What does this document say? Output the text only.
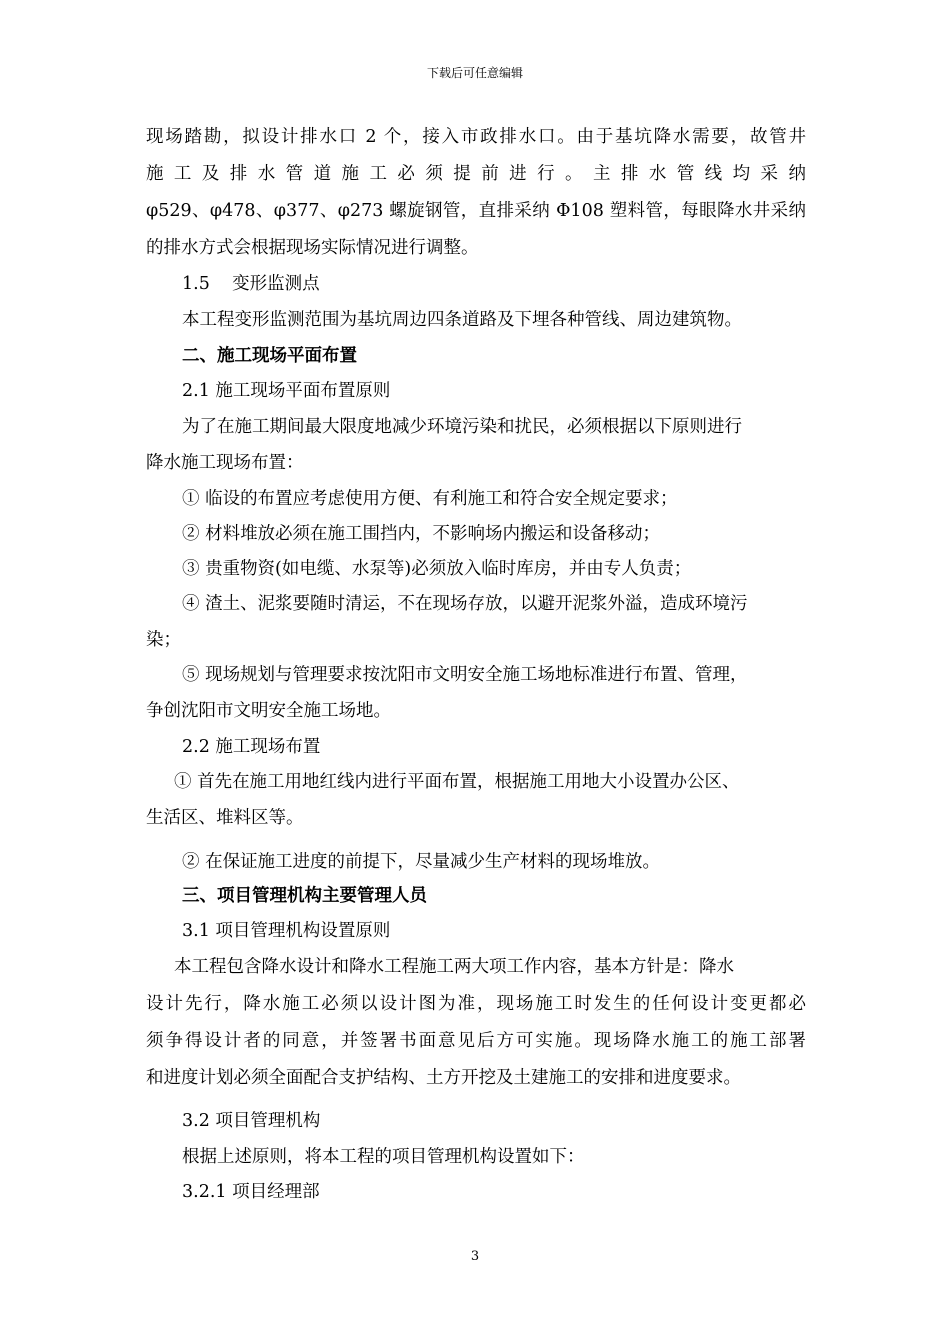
下载后可任意编辑
现场踏勘，拟设计排水口 2 个，接入市政排水口。由于基坑降水需要，故管井
施 工 及 排 水 管 道 施 工 必 须 提 前 进 行 。 主 排 水 管 线 均 采 纳
φ529、φ478、φ377、φ273 螺旋钢管，直排采纳 Φ108 塑料管，每眼降水井采纳
的排水方式会根据现场实际情况进行调整。
1.5    变形监测点
本工程变形监测范围为基坑周边四条道路及下埋各种管线、周边建筑物。
二、施工现场平面布置
2.1 施工现场平面布置原则
为了在施工期间最大限度地减少环境污染和扰民，必须根据以下原则进行
降水施工现场布置：
① 临设的布置应考虑使用方便、有利施工和符合安全规定要求；
② 材料堆放必须在施工围挡内，不影响场内搬运和设备移动；
③ 贵重物资(如电缆、水泵等)必须放入临时库房，并由专人负责；
④ 渣土、泥浆要随时清运，不在现场存放，以避开泥浆外溢，造成环境污
染；
⑤ 现场规划与管理要求按沈阳市文明安全施工场地标准进行布置、管理，
争创沈阳市文明安全施工场地。
2.2 施工现场布置
① 首先在施工用地红线内进行平面布置，根据施工用地大小设置办公区、
生活区、堆料区等。
② 在保证施工进度的前提下，尽量减少生产材料的现场堆放。
三、项目管理机构主要管理人员
3.1 项目管理机构设置原则
本工程包含降水设计和降水工程施工两大项工作内容，基本方针是：降水
设计先行，降水施工必须以设计图为准，现场施工时发生的任何设计变更都必
须争得设计者的同意，并签署书面意见后方可实施。现场降水施工的施工部署
和进度计划必须全面配合支护结构、土方开挖及土建施工的安排和进度要求。
3.2 项目管理机构
根据上述原则，将本工程的项目管理机构设置如下：
3.2.1 项目经理部
3
